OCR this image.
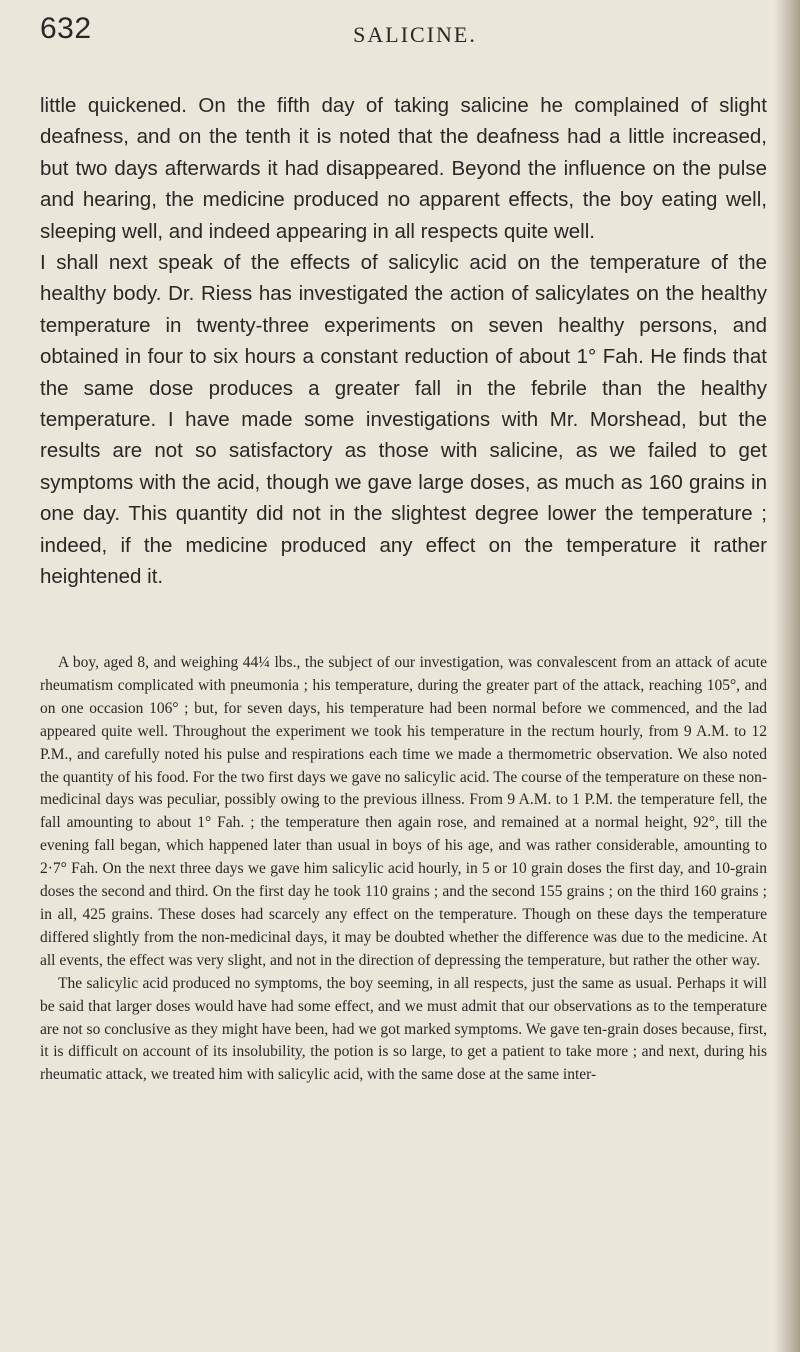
632	SALICINE.

little quickened. On the fifth day of taking salicine he complained of slight deafness, and on the tenth it is noted that the deafness had a little increased, but two days afterwards it had disappeared. Beyond the influence on the pulse and hearing, the medicine produced no apparent effects, the boy eating well, sleeping well, and indeed appearing in all respects quite well.

I shall next speak of the effects of salicylic acid on the temperature of the healthy body. Dr. Riess has investigated the action of salicylates on the healthy temperature in twenty-three experiments on seven healthy persons, and obtained in four to six hours a constant reduction of about 1° Fah. He finds that the same dose produces a greater fall in the febrile than the healthy temperature. I have made some investigations with Mr. Morshead, but the results are not so satisfactory as those with salicine, as we failed to get symptoms with the acid, though we gave large doses, as much as 160 grains in one day. This quantity did not in the slightest degree lower the temperature ; indeed, if the medicine produced any effect on the temperature it rather heightened it.

A boy, aged 8, and weighing 44¼ lbs., the subject of our investigation, was convalescent from an attack of acute rheumatism complicated with pneumonia ; his temperature, during the greater part of the attack, reaching 105°, and on one occasion 106° ; but, for seven days, his temperature had been normal before we commenced, and the lad appeared quite well. Throughout the experiment we took his temperature in the rectum hourly, from 9 A.M. to 12 P.M., and carefully noted his pulse and respirations each time we made a thermometric observation. We also noted the quantity of his food. For the two first days we gave no salicylic acid. The course of the temperature on these non-medicinal days was peculiar, possibly owing to the previous illness. From 9 A.M. to 1 P.M. the temperature fell, the fall amounting to about 1° Fah. ; the temperature then again rose, and remained at a normal height, 92°, till the evening fall began, which happened later than usual in boys of his age, and was rather considerable, amounting to 2·7° Fah. On the next three days we gave him salicylic acid hourly, in 5 or 10 grain doses the first day, and 10-grain doses the second and third. On the first day he took 110 grains ; and the second 155 grains ; on the third 160 grains ; in all, 425 grains. These doses had scarcely any effect on the temperature. Though on these days the temperature differed slightly from the non-medicinal days, it may be doubted whether the difference was due to the medicine. At all events, the effect was very slight, and not in the direction of depressing the temperature, but rather the other way.

The salicylic acid produced no symptoms, the boy seeming, in all respects, just the same as usual. Perhaps it will be said that larger doses would have had some effect, and we must admit that our observations as to the temperature are not so conclusive as they might have been, had we got marked symptoms. We gave ten-grain doses because, first, it is difficult on account of its insolubility, the potion is so large, to get a patient to take more ; and next, during his rheumatic attack, we treated him with salicylic acid, with the same dose at the same inter-
